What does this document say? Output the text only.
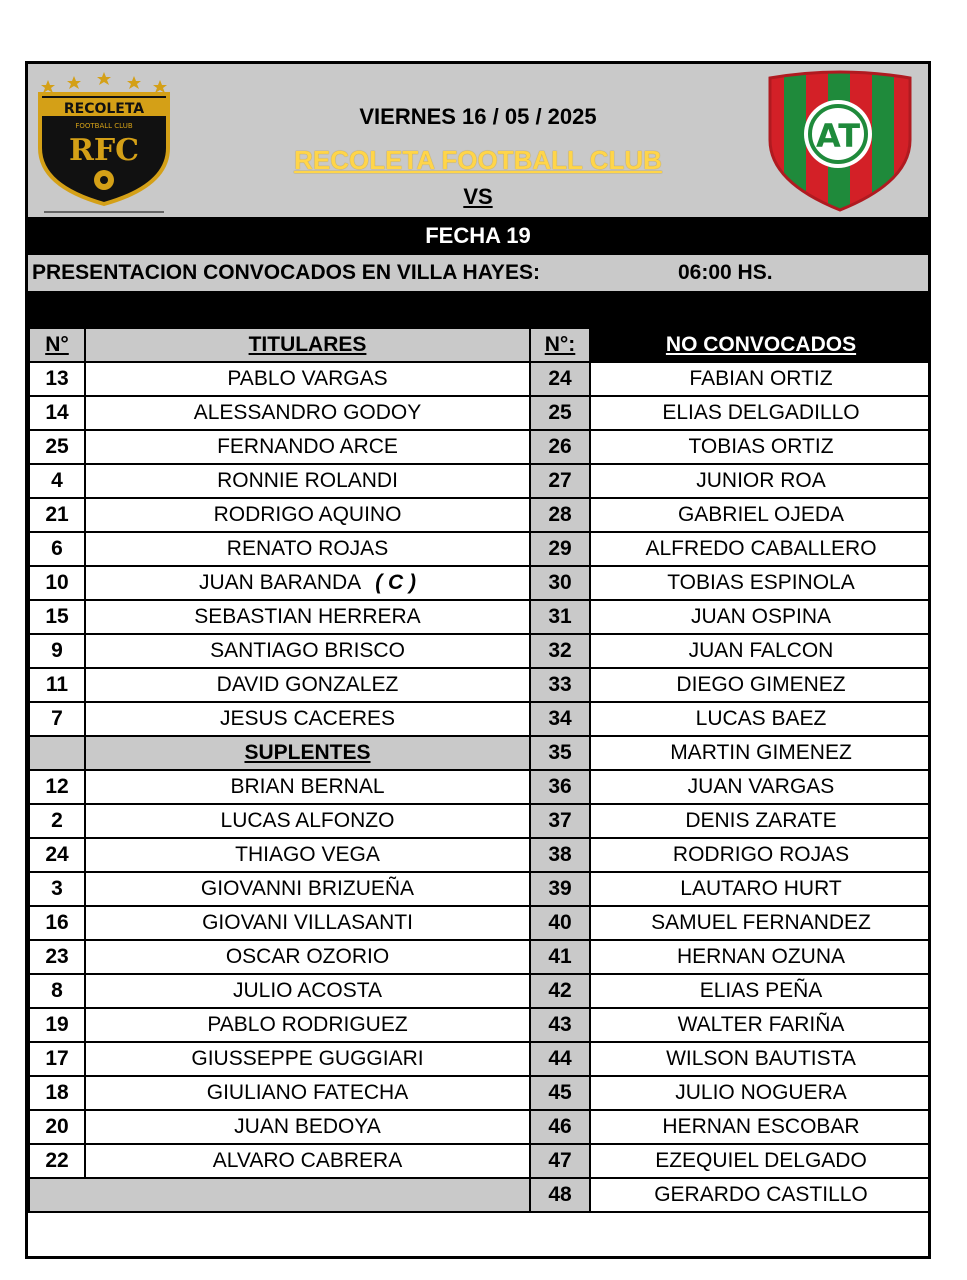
RECOLETA
FOOTBALL CLUB
RFC
VIERNES 16 / 05 / 2025
RECOLETA FOOTBALL CLUB
VS
AT
FECHA 19
PRESENTACION CONVOCADOS EN VILLA HAYES:	06:00 HS.
N°	TITULARES	N°:	NO CONVOCADOS
13	PABLO VARGAS	24	FABIAN ORTIZ
14	ALESSANDRO GODOY	25	ELIAS DELGADILLO
25	FERNANDO ARCE	26	TOBIAS ORTIZ
4	RONNIE ROLANDI	27	JUNIOR ROA
21	RODRIGO AQUINO	28	GABRIEL OJEDA
6	RENATO ROJAS	29	ALFREDO CABALLERO
10	JUAN BARANDA ( C )	30	TOBIAS ESPINOLA
15	SEBASTIAN HERRERA	31	JUAN OSPINA
9	SANTIAGO BRISCO	32	JUAN FALCON
11	DAVID GONZALEZ	33	DIEGO GIMENEZ
7	JESUS CACERES	34	LUCAS BAEZ
	SUPLENTES	35	MARTIN GIMENEZ
12	BRIAN BERNAL	36	JUAN VARGAS
2	LUCAS ALFONZO	37	DENIS ZARATE
24	THIAGO VEGA	38	RODRIGO ROJAS
3	GIOVANNI BRIZUEÑA	39	LAUTARO HURT
16	GIOVANI VILLASANTI	40	SAMUEL FERNANDEZ
23	OSCAR OZORIO	41	HERNAN OZUNA
8	JULIO ACOSTA	42	ELIAS PEÑA
19	PABLO RODRIGUEZ	43	WALTER FARIÑA
17	GIUSSEPPE GUGGIARI	44	WILSON BAUTISTA
18	GIULIANO FATECHA	45	JULIO NOGUERA
20	JUAN BEDOYA	46	HERNAN ESCOBAR
22	ALVARO CABRERA	47	EZEQUIEL DELGADO
		48	GERARDO CASTILLO
